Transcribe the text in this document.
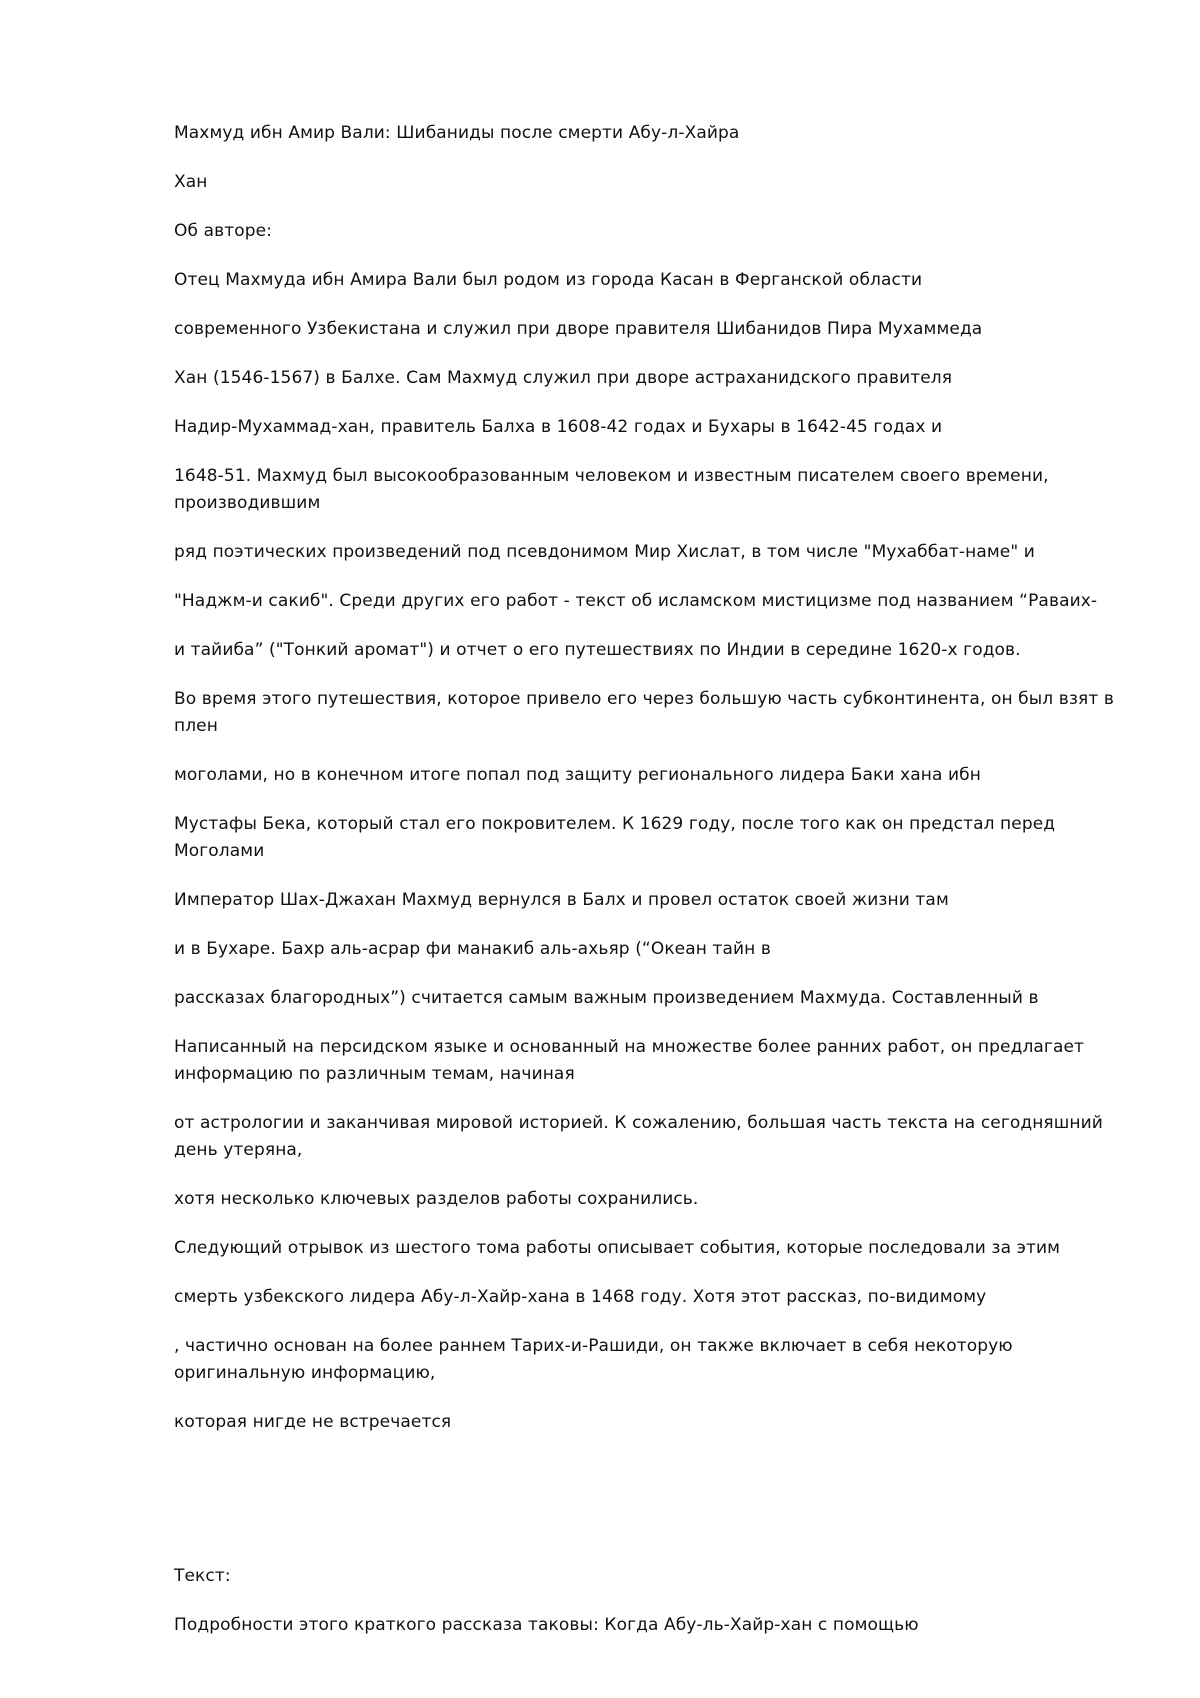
Махмуд ибн Амир Вали: Шибаниды после смерти Абу-л-Хайра

Хан

Об авторе:

Отец Махмуда ибн Амира Вали был родом из города Касан в Ферганской области

современного Узбекистана и служил при дворе правителя Шибанидов Пира Мухаммеда

Хан (1546-1567) в Балхе. Сам Махмуд служил при дворе астраханидского правителя

Надир-Мухаммад-хан, правитель Балха в 1608-42 годах и Бухары в 1642-45 годах и

1648-51. Махмуд был высокообразованным человеком и известным писателем своего времени, производившим

ряд поэтических произведений под псевдонимом Мир Хислат, в том числе "Мухаббат-наме" и

"Наджм-и сакиб". Среди других его работ - текст об исламском мистицизме под названием “Раваих-

и тайиба” ("Тонкий аромат") и отчет о его путешествиях по Индии в середине 1620-х годов.

Во время этого путешествия, которое привело его через большую часть субконтинента, он был взят в плен

моголами, но в конечном итоге попал под защиту регионального лидера Баки хана ибн

Мустафы Бека, который стал его покровителем. К 1629 году, после того как он предстал перед Моголами

Император Шах-Джахан Махмуд вернулся в Балх и провел остаток своей жизни там

и в Бухаре. Бахр аль-асрар фи манакиб аль-ахьяр (“Океан тайн в

рассказах благородных”) считается самым важным произведением Махмуда. Составленный в

Написанный на персидском языке и основанный на множестве более ранних работ, он предлагает информацию по различным темам, начиная

от астрологии и заканчивая мировой историей. К сожалению, большая часть текста на сегодняшний день утеряна,

хотя несколько ключевых разделов работы сохранились.

Следующий отрывок из шестого тома работы описывает события, которые последовали за этим

смерть узбекского лидера Абу-л-Хайр-хана в 1468 году. Хотя этот рассказ, по-видимому

, частично основан на более раннем Тарих-и-Рашиди, он также включает в себя некоторую оригинальную информацию,

которая нигде не встречается

Текст:

Подробности этого краткого рассказа таковы: Когда Абу-ль-Хайр-хан с помощью
